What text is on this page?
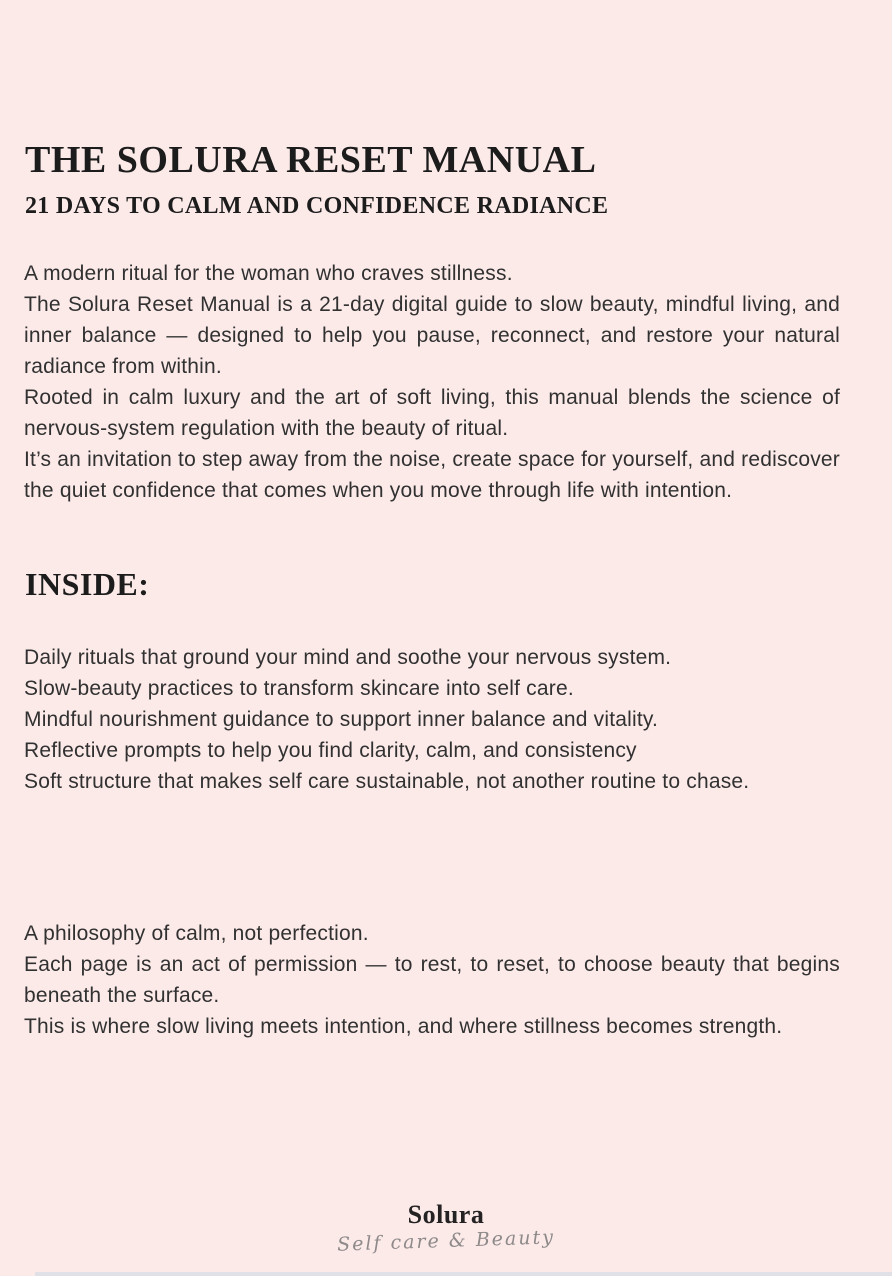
THE SOLURA RESET MANUAL
21 DAYS TO CALM AND CONFIDENCE RADIANCE

A modern ritual for the woman who craves stillness.

The Solura Reset Manual is a 21-day digital guide to slow beauty, mindful living, and inner balance — designed to help you pause, reconnect, and restore your natural radiance from within.

Rooted in calm luxury and the art of soft living, this manual blends the science of nervous-system regulation with the beauty of ritual.

It’s an invitation to step away from the noise, create space for yourself, and rediscover the quiet confidence that comes when you move through life with intention.

INSIDE:

Daily rituals that ground your mind and soothe your nervous system.

Slow-beauty practices to transform skincare into self care.

Mindful nourishment guidance to support inner balance and vitality.

Reflective prompts to help you find clarity, calm, and consistency

Soft structure that makes self care sustainable, not another routine to chase.

A philosophy of calm, not perfection.

Each page is an act of permission — to rest, to reset, to choose beauty that begins beneath the surface.

This is where slow living meets intention, and where stillness becomes strength.

Solura

Self care & Beauty
